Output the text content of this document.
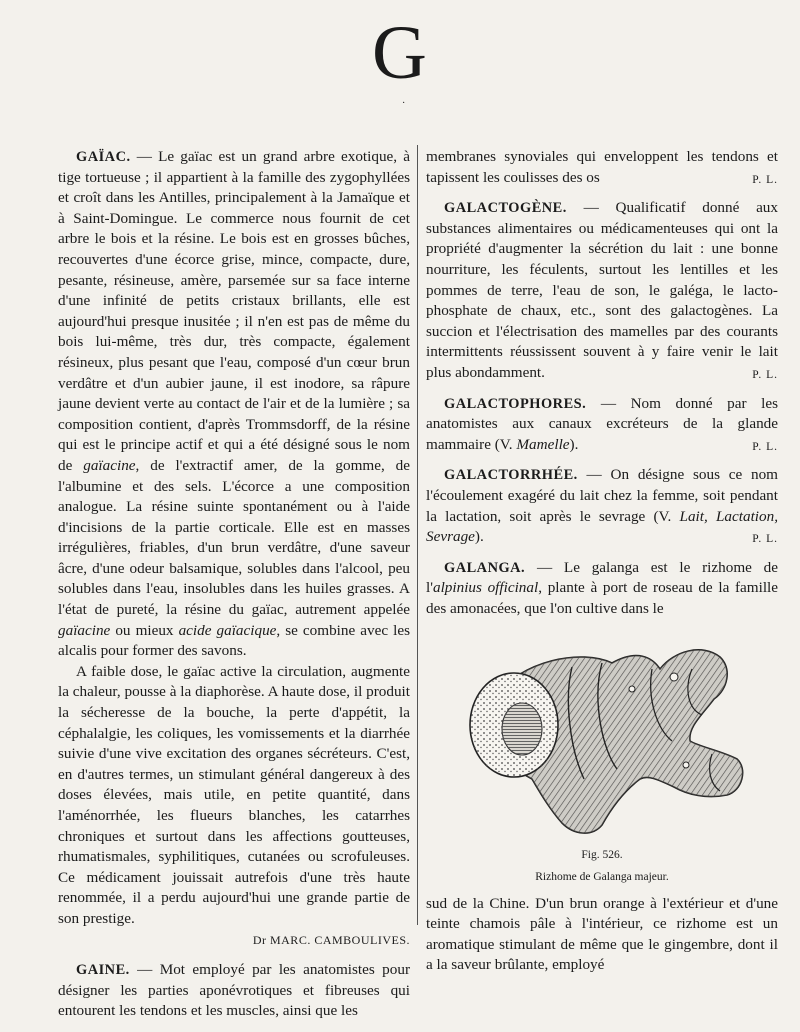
G
·

GAÏAC. — Le gaïac est un grand arbre exotique, à tige tortueuse ; il appartient à la famille des zygophyllées et croît dans les Antilles, principalement à la Jamaïque et à Saint-Domingue. Le commerce nous fournit de cet arbre le bois et la résine. Le bois est en grosses bûches, recouvertes d'une écorce grise, mince, compacte, dure, pesante, résineuse, amère, parsemée sur sa face interne d'une infinité de petits cristaux brillants, elle est aujourd'hui presque inusitée ; il n'en est pas de même du bois lui-même, très dur, très compacte, également résineux, plus pesant que l'eau, composé d'un cœur brun verdâtre et d'un aubier jaune, il est inodore, sa râpure jaune devient verte au contact de l'air et de la lumière ; sa composition contient, d'après Trommsdorff, de la résine qui est le principe actif et qui a été désigné sous le nom de gaïacine, de l'extractif amer, de la gomme, de l'albumine et des sels. L'écorce a une composition analogue. La résine suinte spontanément ou à l'aide d'incisions de la partie corticale. Elle est en masses irrégulières, friables, d'un brun verdâtre, d'une saveur âcre, d'une odeur balsamique, solubles dans l'alcool, peu solubles dans l'eau, insolubles dans les huiles grasses. A l'état de pureté, la résine du gaïac, autrement appelée gaïacine ou mieux acide gaïacique, se combine avec les alcalis pour former des savons.

A faible dose, le gaïac active la circulation, augmente la chaleur, pousse à la diaphorèse. A haute dose, il produit la sécheresse de la bouche, la perte d'appétit, la céphalalgie, les coliques, les vomissements et la diarrhée suivie d'une vive excitation des organes sécréteurs. C'est, en d'autres termes, un stimulant général dangereux à des doses élevées, mais utile, en petite quantité, dans l'aménorrhée, les flueurs blanches, les catarrhes chroniques et surtout dans les affections goutteuses, rhumatismales, syphilitiques, cutanées ou scrofuleuses. Ce médicament jouissait autrefois d'une très haute renommée, il a perdu aujourd'hui une grande partie de son prestige.

Dr MARC. CAMBOULIVES.

GAINE. — Mot employé par les anatomistes pour désigner les parties aponévrotiques et fibreuses qui entourent les tendons et les muscles, ainsi que les

membranes synoviales qui enveloppent les tendons et tapissent les coulisses des os	P. L.

GALACTOGÈNE. — Qualificatif donné aux substances alimentaires ou médicamenteuses qui ont la propriété d'augmenter la sécrétion du lait : une bonne nourriture, les féculents, surtout les lentilles et les pommes de terre, l'eau de son, le galéga, le lacto-phosphate de chaux, etc., sont des galactogènes. La succion et l'électrisation des mamelles par des courants intermittents réussissent souvent à y faire venir le lait plus abondamment.	P. L.

GALACTOPHORES. — Nom donné par les anatomistes aux canaux excréteurs de la glande mammaire (V. Mamelle).	P. L.

GALACTORRHÉE. — On désigne sous ce nom l'écoulement exagéré du lait chez la femme, soit pendant la lactation, soit après le sevrage (V. Lait, Lactation, Sevrage).	P. L.

GALANGA. — Le galanga est le rizhome de l'alpinius officinal, plante à port de roseau de la famille des amonacées, que l'on cultive dans le

Fig. 526.
Rizhome de Galanga majeur.

sud de la Chine. D'un brun orange à l'extérieur et d'une teinte chamois pâle à l'intérieur, ce rizhome est un aromatique stimulant de même que le gingembre, dont il a la saveur brûlante, employé
